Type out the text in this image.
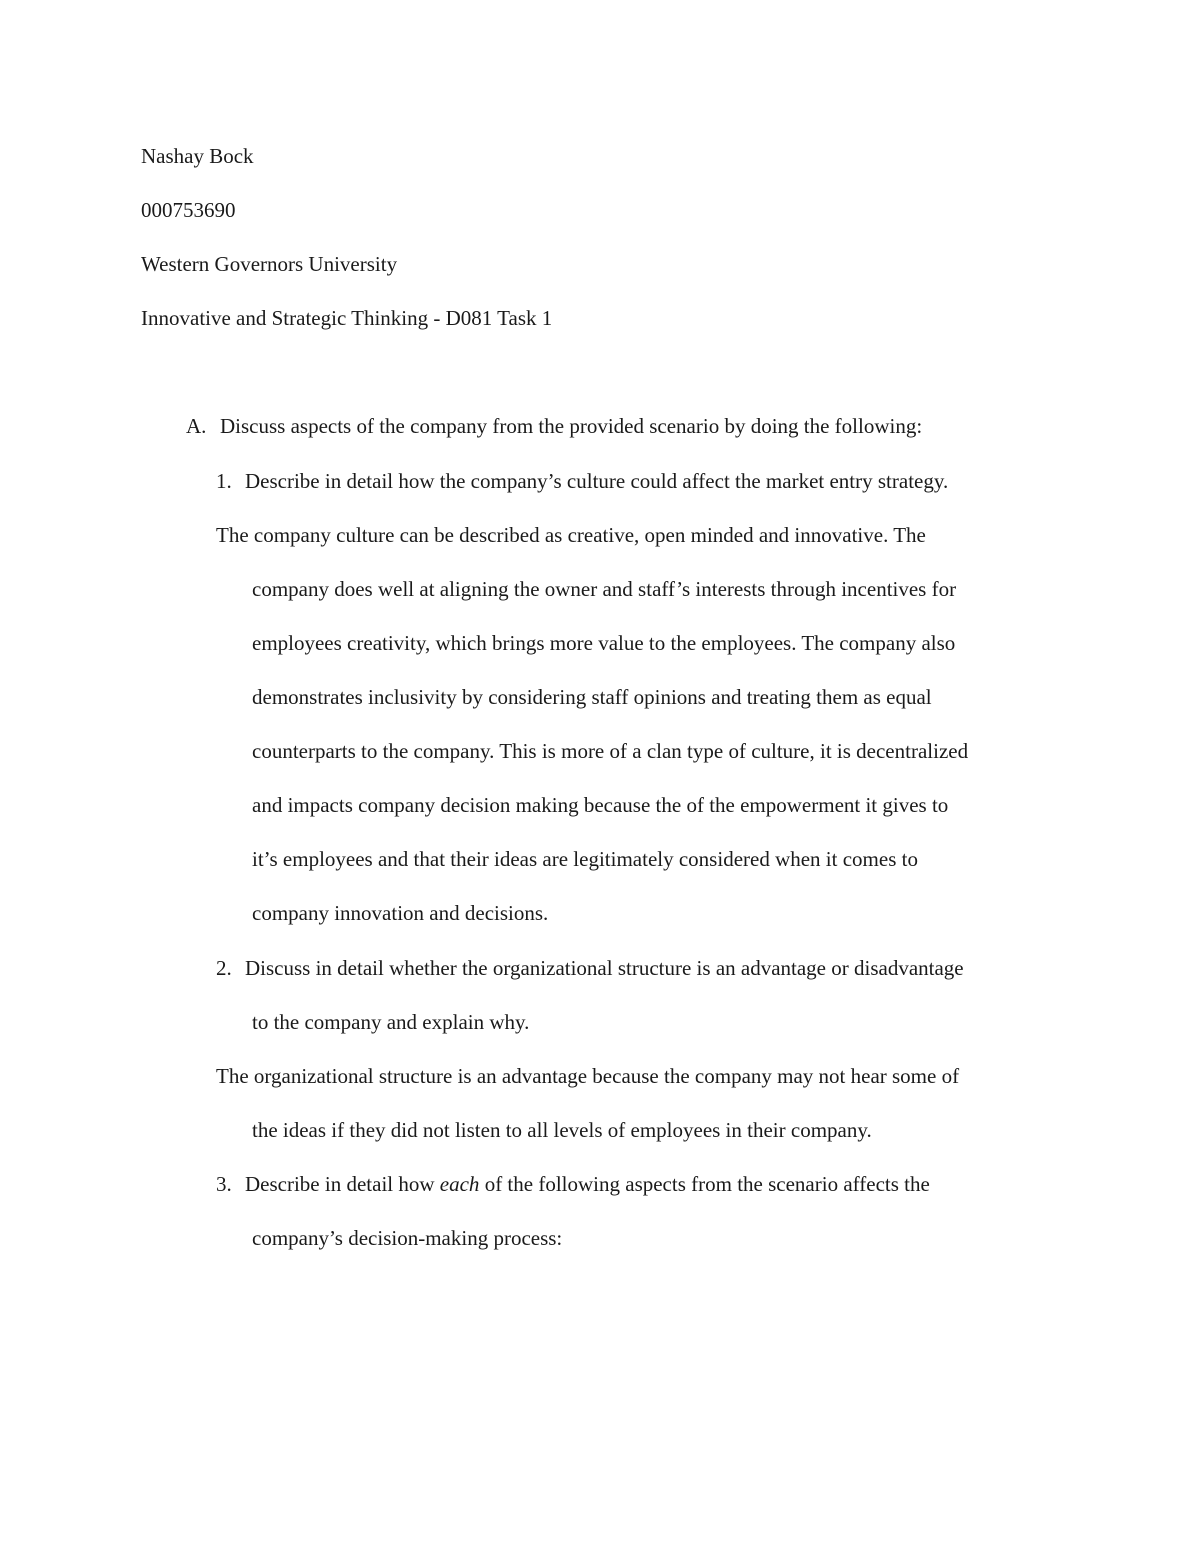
Nashay Bock
000753690
Western Governors University
Innovative and Strategic Thinking - D081 Task 1
A. Discuss aspects of the company from the provided scenario by doing the following:
1. Describe in detail how the company’s culture could affect the market entry strategy.
The company culture can be described as creative, open minded and innovative. The
company does well at aligning the owner and staff’s interests through incentives for
employees creativity, which brings more value to the employees. The company also
demonstrates inclusivity by considering staff opinions and treating them as equal
counterparts to the company. This is more of a clan type of culture, it is decentralized
and impacts company decision making because the of the empowerment it gives to
it’s employees and that their ideas are legitimately considered when it comes to
company innovation and decisions.
2. Discuss in detail whether the organizational structure is an advantage or disadvantage
to the company and explain why.
The organizational structure is an advantage because the company may not hear some of
the ideas if they did not listen to all levels of employees in their company.
3. Describe in detail how each of the following aspects from the scenario affects the
company’s decision-making process:
